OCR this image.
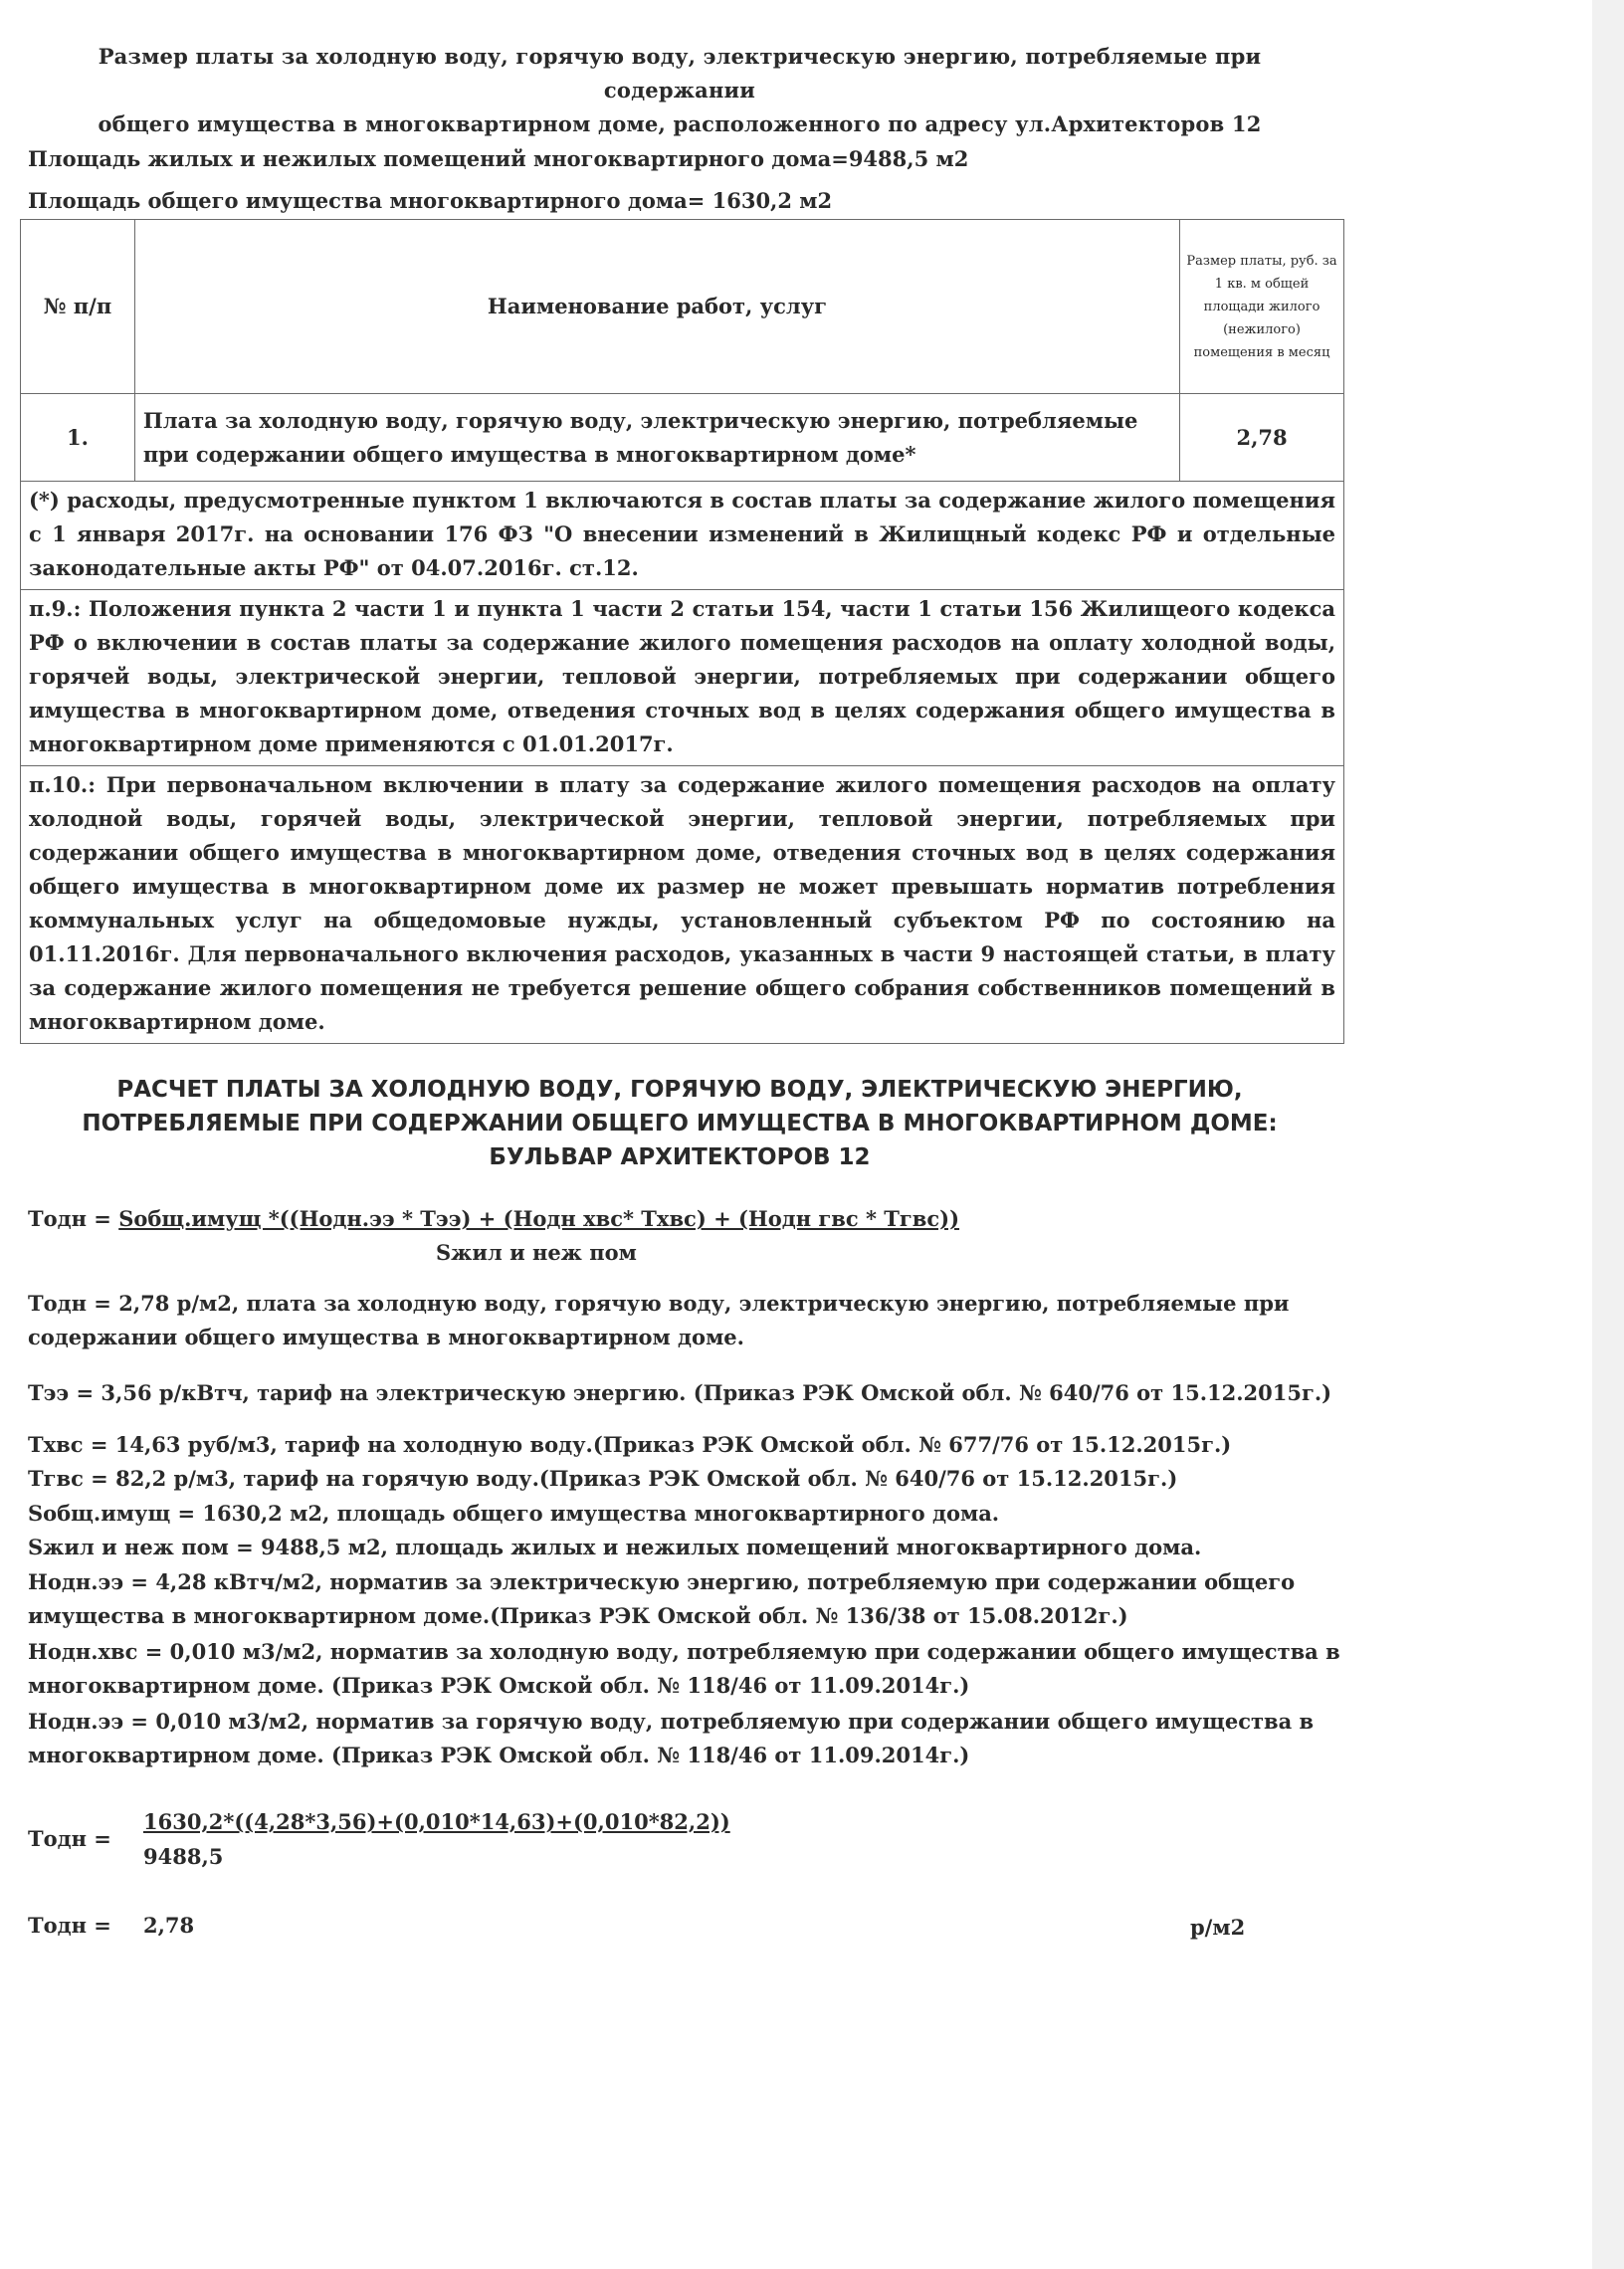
Размер платы за холодную воду, горячую воду, электрическую энергию, потребляемые при содержании
общего имущества в многоквартирном доме, расположенного по адресу ул.Архитекторов 12
Площадь жилых и нежилых помещений многоквартирного дома=9488,5 м2
Площадь общего имущества многоквартирного дома= 1630,2 м2
№ п/п	Наименование работ, услуг	Размер платы, руб. за 1 кв. м общей площади жилого (нежилого) помещения в месяц
1.	Плата за холодную воду, горячую воду, электрическую энергию, потребляемые при содержании общего имущества в многоквартирном доме*	2,78
(*) расходы, предусмотренные пунктом 1 включаются в состав платы за содержание жилого помещения с 1 января 2017г. на основании 176 ФЗ "О внесении изменений в Жилищный кодекс РФ и отдельные законодательные акты РФ" от 04.07.2016г. ст.12.		
п.9.: Положения пункта 2 части 1 и пункта 1 части 2 статьи 154, части 1 статьи 156 Жилищеого кодекса РФ о включении в состав платы за содержание жилого помещения расходов на оплату холодной воды, горячей воды, электрической энергии, тепловой энергии, потребляемых при содержании общего имущества в многоквартирном доме, отведения сточных вод в целях содержания общего имущества в многоквартирном доме применяются с 01.01.2017г.		
п.10.: При первоначальном включении в плату за содержание жилого помещения расходов на оплату холодной воды, горячей воды, электрической энергии, тепловой энергии, потребляемых при содержании общего имущества в многоквартирном доме, отведения сточных вод в целях содержания общего имущества в многоквартирном доме их размер не может превышать норматив потребления коммунальных услуг на общедомовые нужды, установленный субъектом РФ по состоянию на 01.11.2016г. Для первоначального включения расходов, указанных в части 9 настоящей статьи, в плату за содержание жилого помещения не требуется решение общего собрания собственников помещений в многоквартирном доме.		
РАСЧЕТ ПЛАТЫ ЗА ХОЛОДНУЮ ВОДУ, ГОРЯЧУЮ ВОДУ, ЭЛЕКТРИЧЕСКУЮ ЭНЕРГИЮ,
ПОТРЕБЛЯЕМЫЕ ПРИ СОДЕРЖАНИИ ОБЩЕГО ИМУЩЕСТВА В МНОГОКВАРТИРНОМ ДОМЕ:
БУЛЬВАР АРХИТЕКТОРОВ 12
Тодн = Sобщ.имущ *((Нодн.ээ * Тээ) + (Нодн хвс* Тхвс) + (Нодн гвс * Тгвс))
Sжил и неж пом
Тодн = 2,78 р/м2, плата за холодную воду, горячую воду, электрическую энергию, потребляемые при содержании общего имущества в многоквартирном доме.
Тээ = 3,56 р/кВтч, тариф на электрическую энергию. (Приказ РЭК Омской обл. № 640/76 от 15.12.2015г.)
Тхвс = 14,63 руб/м3, тариф на холодную воду.(Приказ РЭК Омской обл. № 677/76 от 15.12.2015г.)
Тгвс = 82,2 р/м3, тариф на горячую воду.(Приказ РЭК Омской обл. № 640/76 от 15.12.2015г.)
Sобщ.имущ = 1630,2 м2, площадь общего имущества многоквартирного дома.
Sжил и неж пом = 9488,5 м2, площадь жилых и нежилых помещений многоквартирного дома.
Нодн.ээ = 4,28 кВтч/м2, норматив за электрическую энергию, потребляемую при содержании общего имущества в многоквартирном доме.(Приказ РЭК Омской обл. № 136/38 от 15.08.2012г.)
Нодн.хвс = 0,010 м3/м2, норматив за холодную воду, потребляемую при содержании общего имущества в многоквартирном доме. (Приказ РЭК Омской обл. № 118/46 от 11.09.2014г.)
Нодн.ээ = 0,010 м3/м2, норматив за горячую воду, потребляемую при содержании общего имущества в многоквартирном доме. (Приказ РЭК Омской обл. № 118/46 от 11.09.2014г.)
Тодн =
1630,2*((4,28*3,56)+(0,010*14,63)+(0,010*82,2))
9488,5
Тодн = 2,78	р/м2
